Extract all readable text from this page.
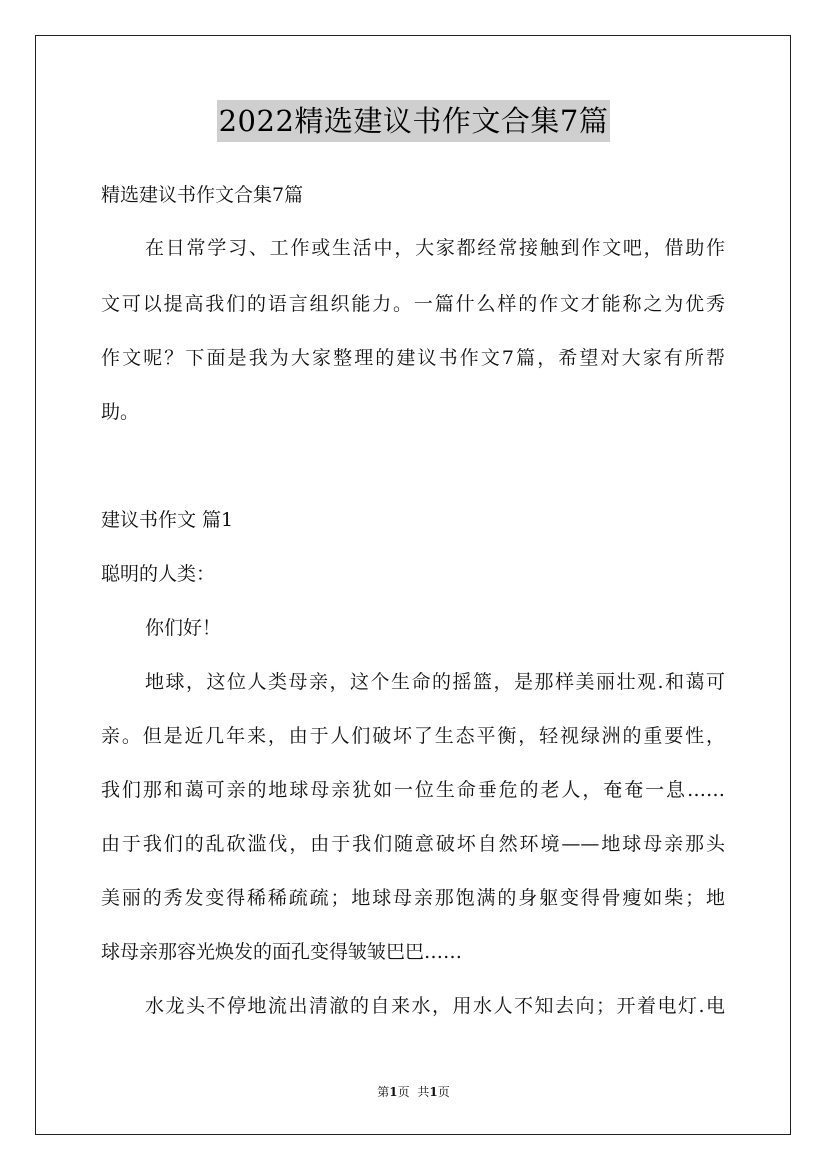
2022精选建议书作文合集7篇
精选建议书作文合集7篇
在日常学习、工作或生活中，大家都经常接触到作文吧，借助作
文可以提高我们的语言组织能力。一篇什么样的作文才能称之为优秀
作文呢？下面是我为大家整理的建议书作文7篇，希望对大家有所帮
助。
建议书作文 篇1
聪明的人类：
你们好！
地球，这位人类母亲，这个生命的摇篮，是那样美丽壮观.和蔼可
亲。但是近几年来，由于人们破坏了生态平衡，轻视绿洲的重要性，
我们那和蔼可亲的地球母亲犹如一位生命垂危的老人，奄奄一息……
由于我们的乱砍滥伐，由于我们随意破坏自然环境——地球母亲那头
美丽的秀发变得稀稀疏疏；地球母亲那饱满的身躯变得骨瘦如柴；地
球母亲那容光焕发的面孔变得皱皱巴巴……
水龙头不停地流出清澈的自来水，用水人不知去向；开着电灯.电
第1页 共1页
